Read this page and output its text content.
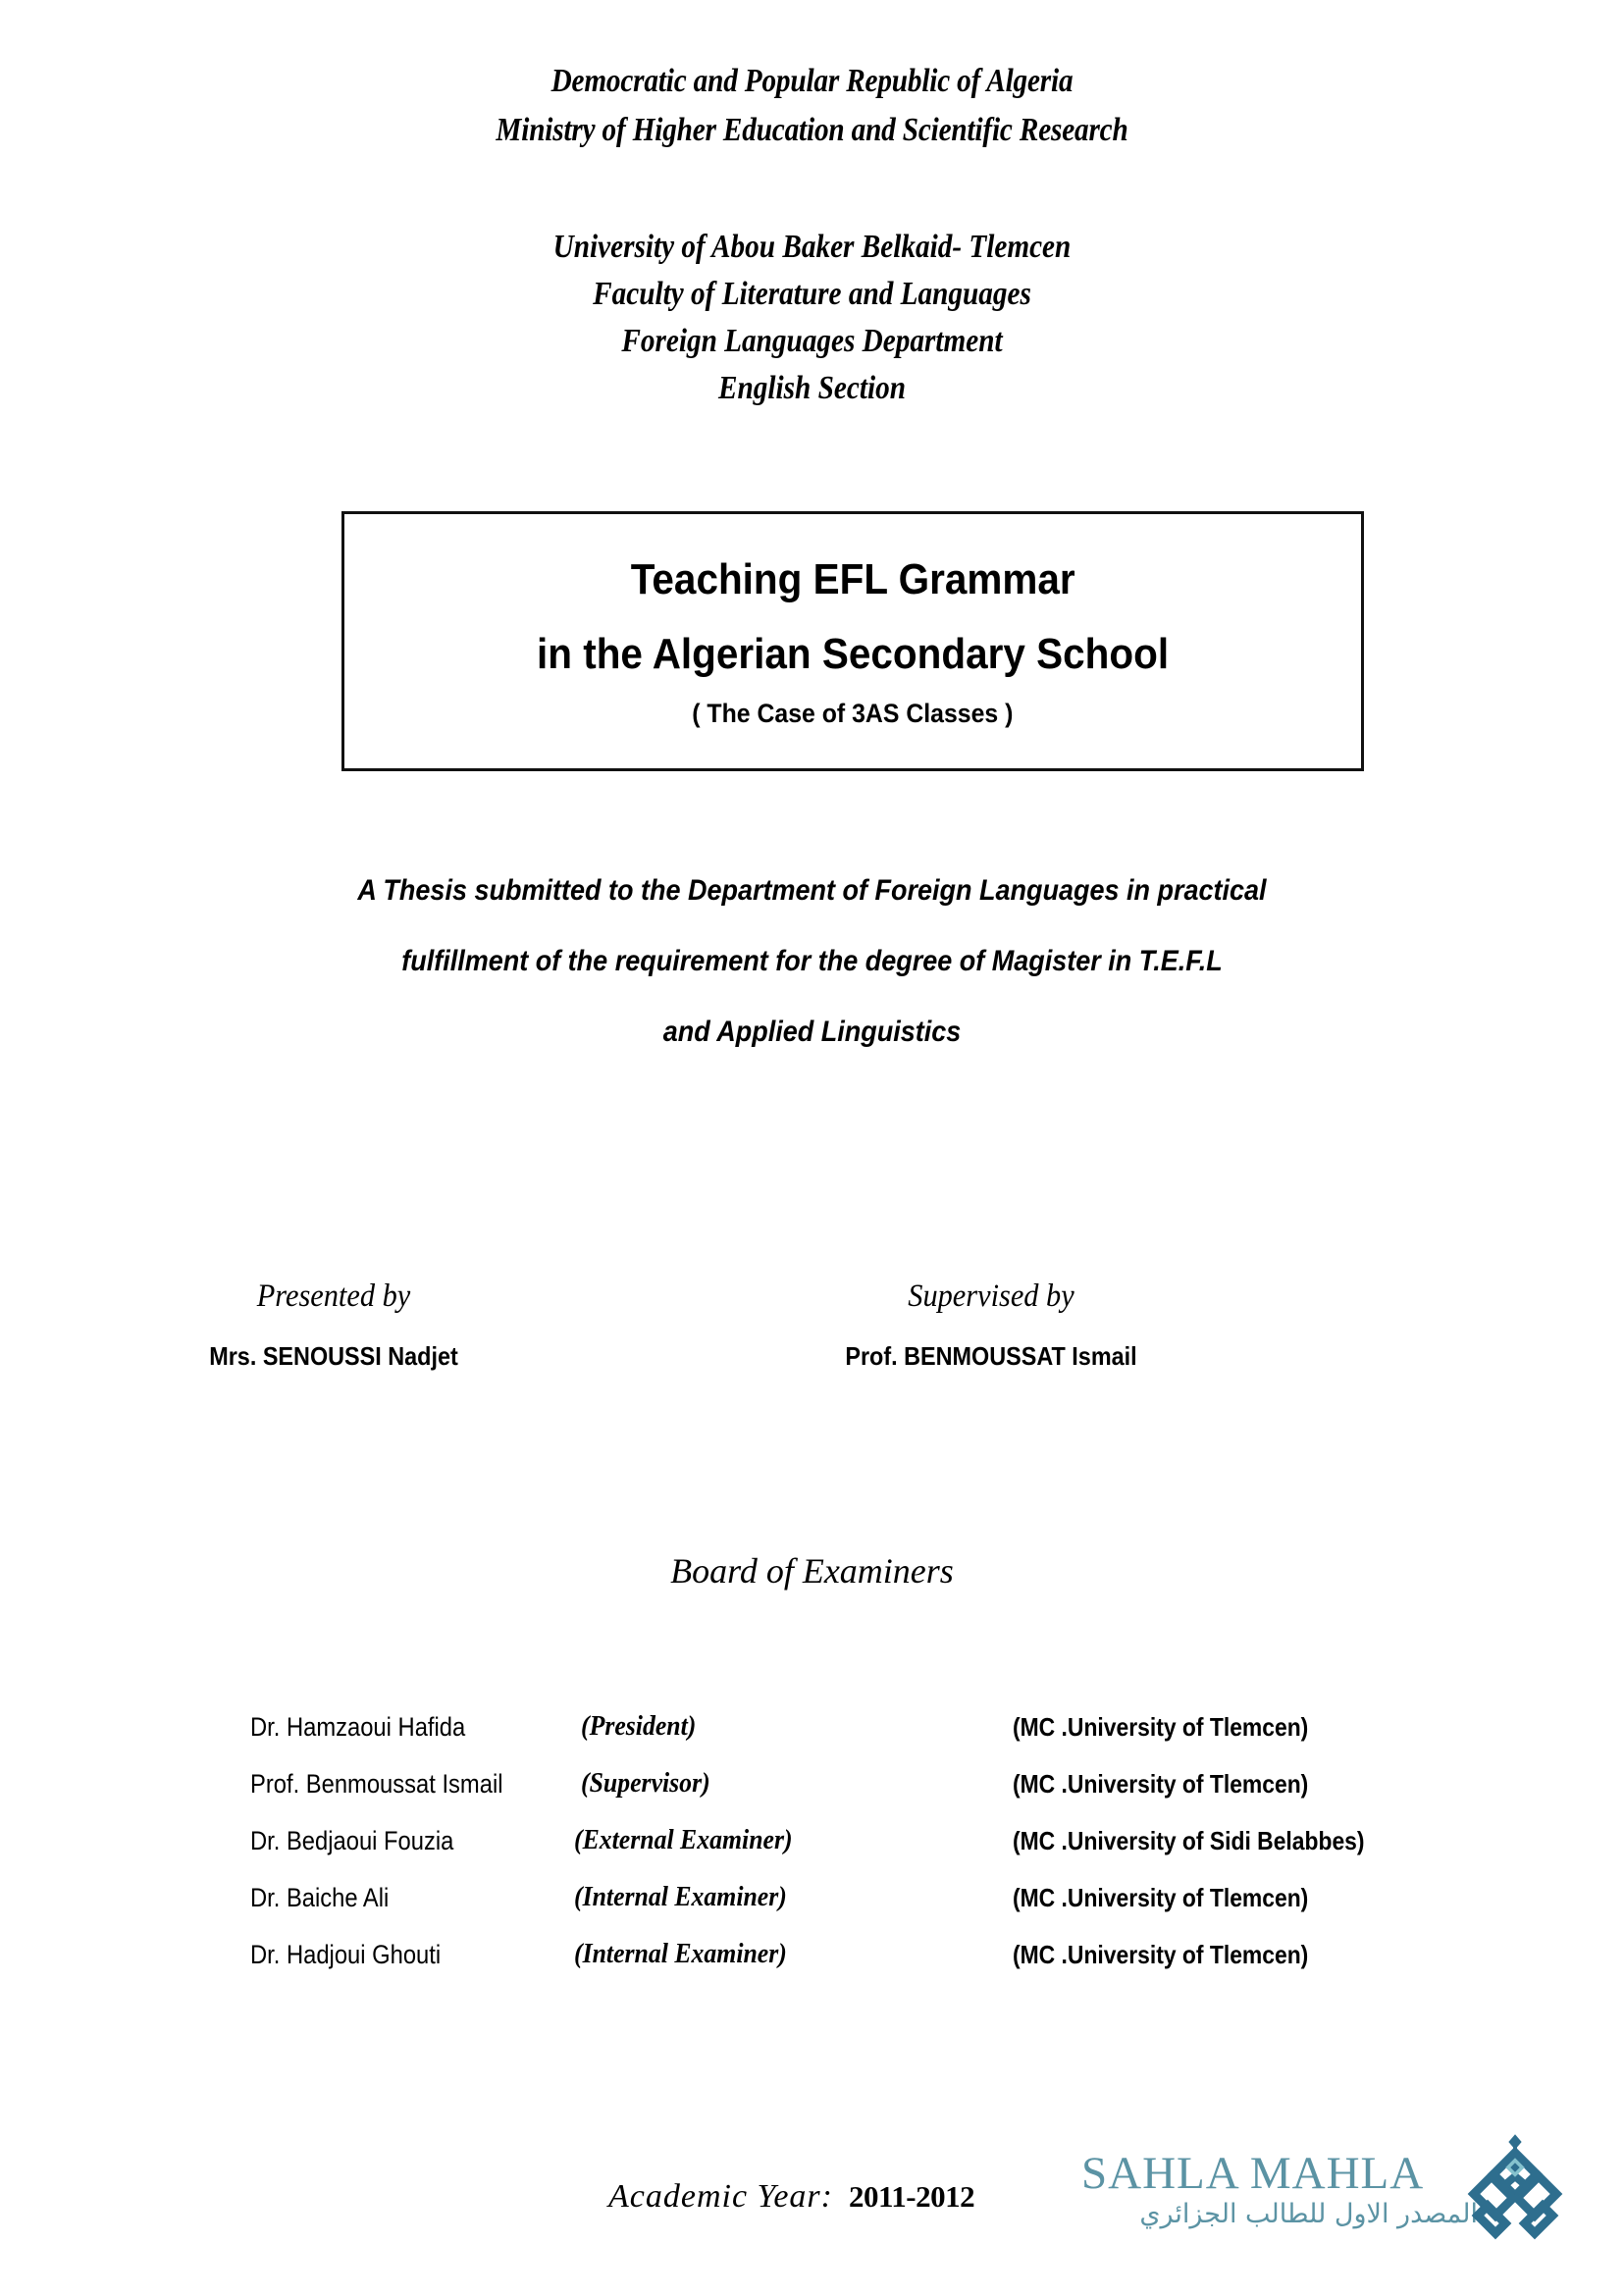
Democratic and Popular Republic of Algeria
Ministry of Higher Education and Scientific Research
University of Abou Baker Belkaid- Tlemcen
Faculty of Literature and Languages
Foreign Languages Department
English Section
Teaching EFL Grammar
in the Algerian Secondary School
( The Case of 3AS Classes )
A Thesis submitted to the Department of Foreign Languages in practical
fulfillment of the requirement for the degree of Magister in T.E.F.L
and Applied Linguistics
Presented by
Mrs. SENOUSSI Nadjet
Supervised by
Prof. BENMOUSSAT Ismail
Board of Examiners
Dr. Hamzaoui Hafida	(President)	(MC .University of Tlemcen)
Prof. Benmoussat Ismail	(Supervisor)	(MC .University of Tlemcen)
Dr. Bedjaoui Fouzia	(External Examiner)	(MC .University of Sidi Belabbes)
Dr. Baiche Ali	(Internal Examiner)	(MC .University of Tlemcen)
Dr. Hadjoui Ghouti	(Internal Examiner)	(MC .University of Tlemcen)
Academic Year: 2011-2012 SAHLA MAHLA
المصدر الاول للطالب الجزائري
